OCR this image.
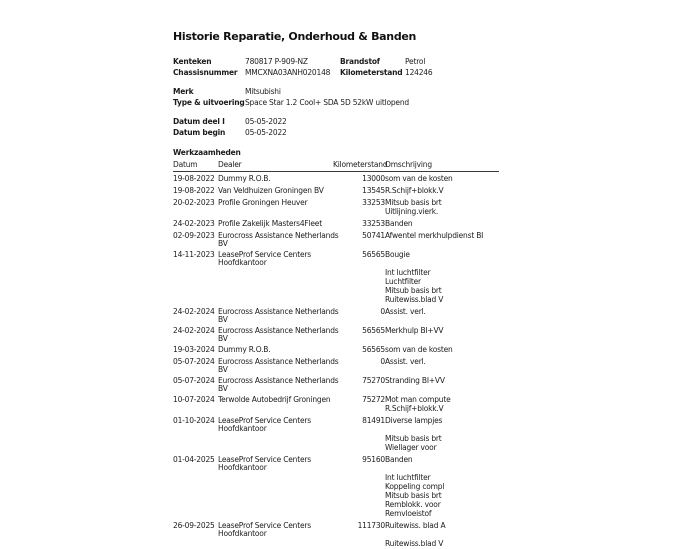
Historie Reparatie, Onderhoud & Banden
Kenteken	780817 P-909-NZ	Brandstof	Petrol
Chassisnummer	MMCXNA03ANH020148	Kilometerstand 124246
Merk	Mitsubishi
Type & uitvoering Space Star 1.2 Cool+ SDA 5D 52kW uitlopend
Datum deel I	05-05-2022
Datum begin	05-05-2022
Werkzaamheden
Datum	Dealer	Kilometerstand	Omschrijving
19-08-2022	Dummy R.O.B.	13000	som van de kosten

19-08-2022	Van Veldhuizen Groningen BV	13545	R.Schijf+blokk.V

20-02-2023	Profile Groningen Heuver	33253	Mitsub basis brt
Uitlijning.vierk.

24-02-2023	Profile Zakelijk Masters4Fleet	33253	Banden

02-09-2023	Eurocross Assistance Netherlands
BV	50741	Afwentel merkhulpdienst BI

14-11-2023	LeaseProf Service Centers
Hoofdkantoor
	56565	Bougie

Int luchtfilter
Luchtfilter
Mitsub basis brt
Ruitewiss.blad V

24-02-2024	Eurocross Assistance Netherlands
BV	0	Assist. verl.

24-02-2024	Eurocross Assistance Netherlands
BV	56565	Merkhulp BI+VV

19-03-2024	Dummy R.O.B.	56565	som van de kosten

05-07-2024	Eurocross Assistance Netherlands
BV	0	Assist. verl.

05-07-2024	Eurocross Assistance Netherlands
BV	75270	Stranding BI+VV

10-07-2024	Terwolde Autobedrijf Groningen	75272	Mot man compute
R.Schijf+blokk.V

01-10-2024	LeaseProf Service Centers
Hoofdkantoor
	81491	Diverse lampjes

Mitsub basis brt
Wiellager voor

01-04-2025	LeaseProf Service Centers
Hoofdkantoor
	95160	Banden

Int luchtfilter
Koppeling compl
Mitsub basis brt
Remblokk. voor
Remvloeistof

26-09-2025	LeaseProf Service Centers
Hoofdkantoor
	111730	Ruitewiss. blad A

Ruitewiss.blad V
